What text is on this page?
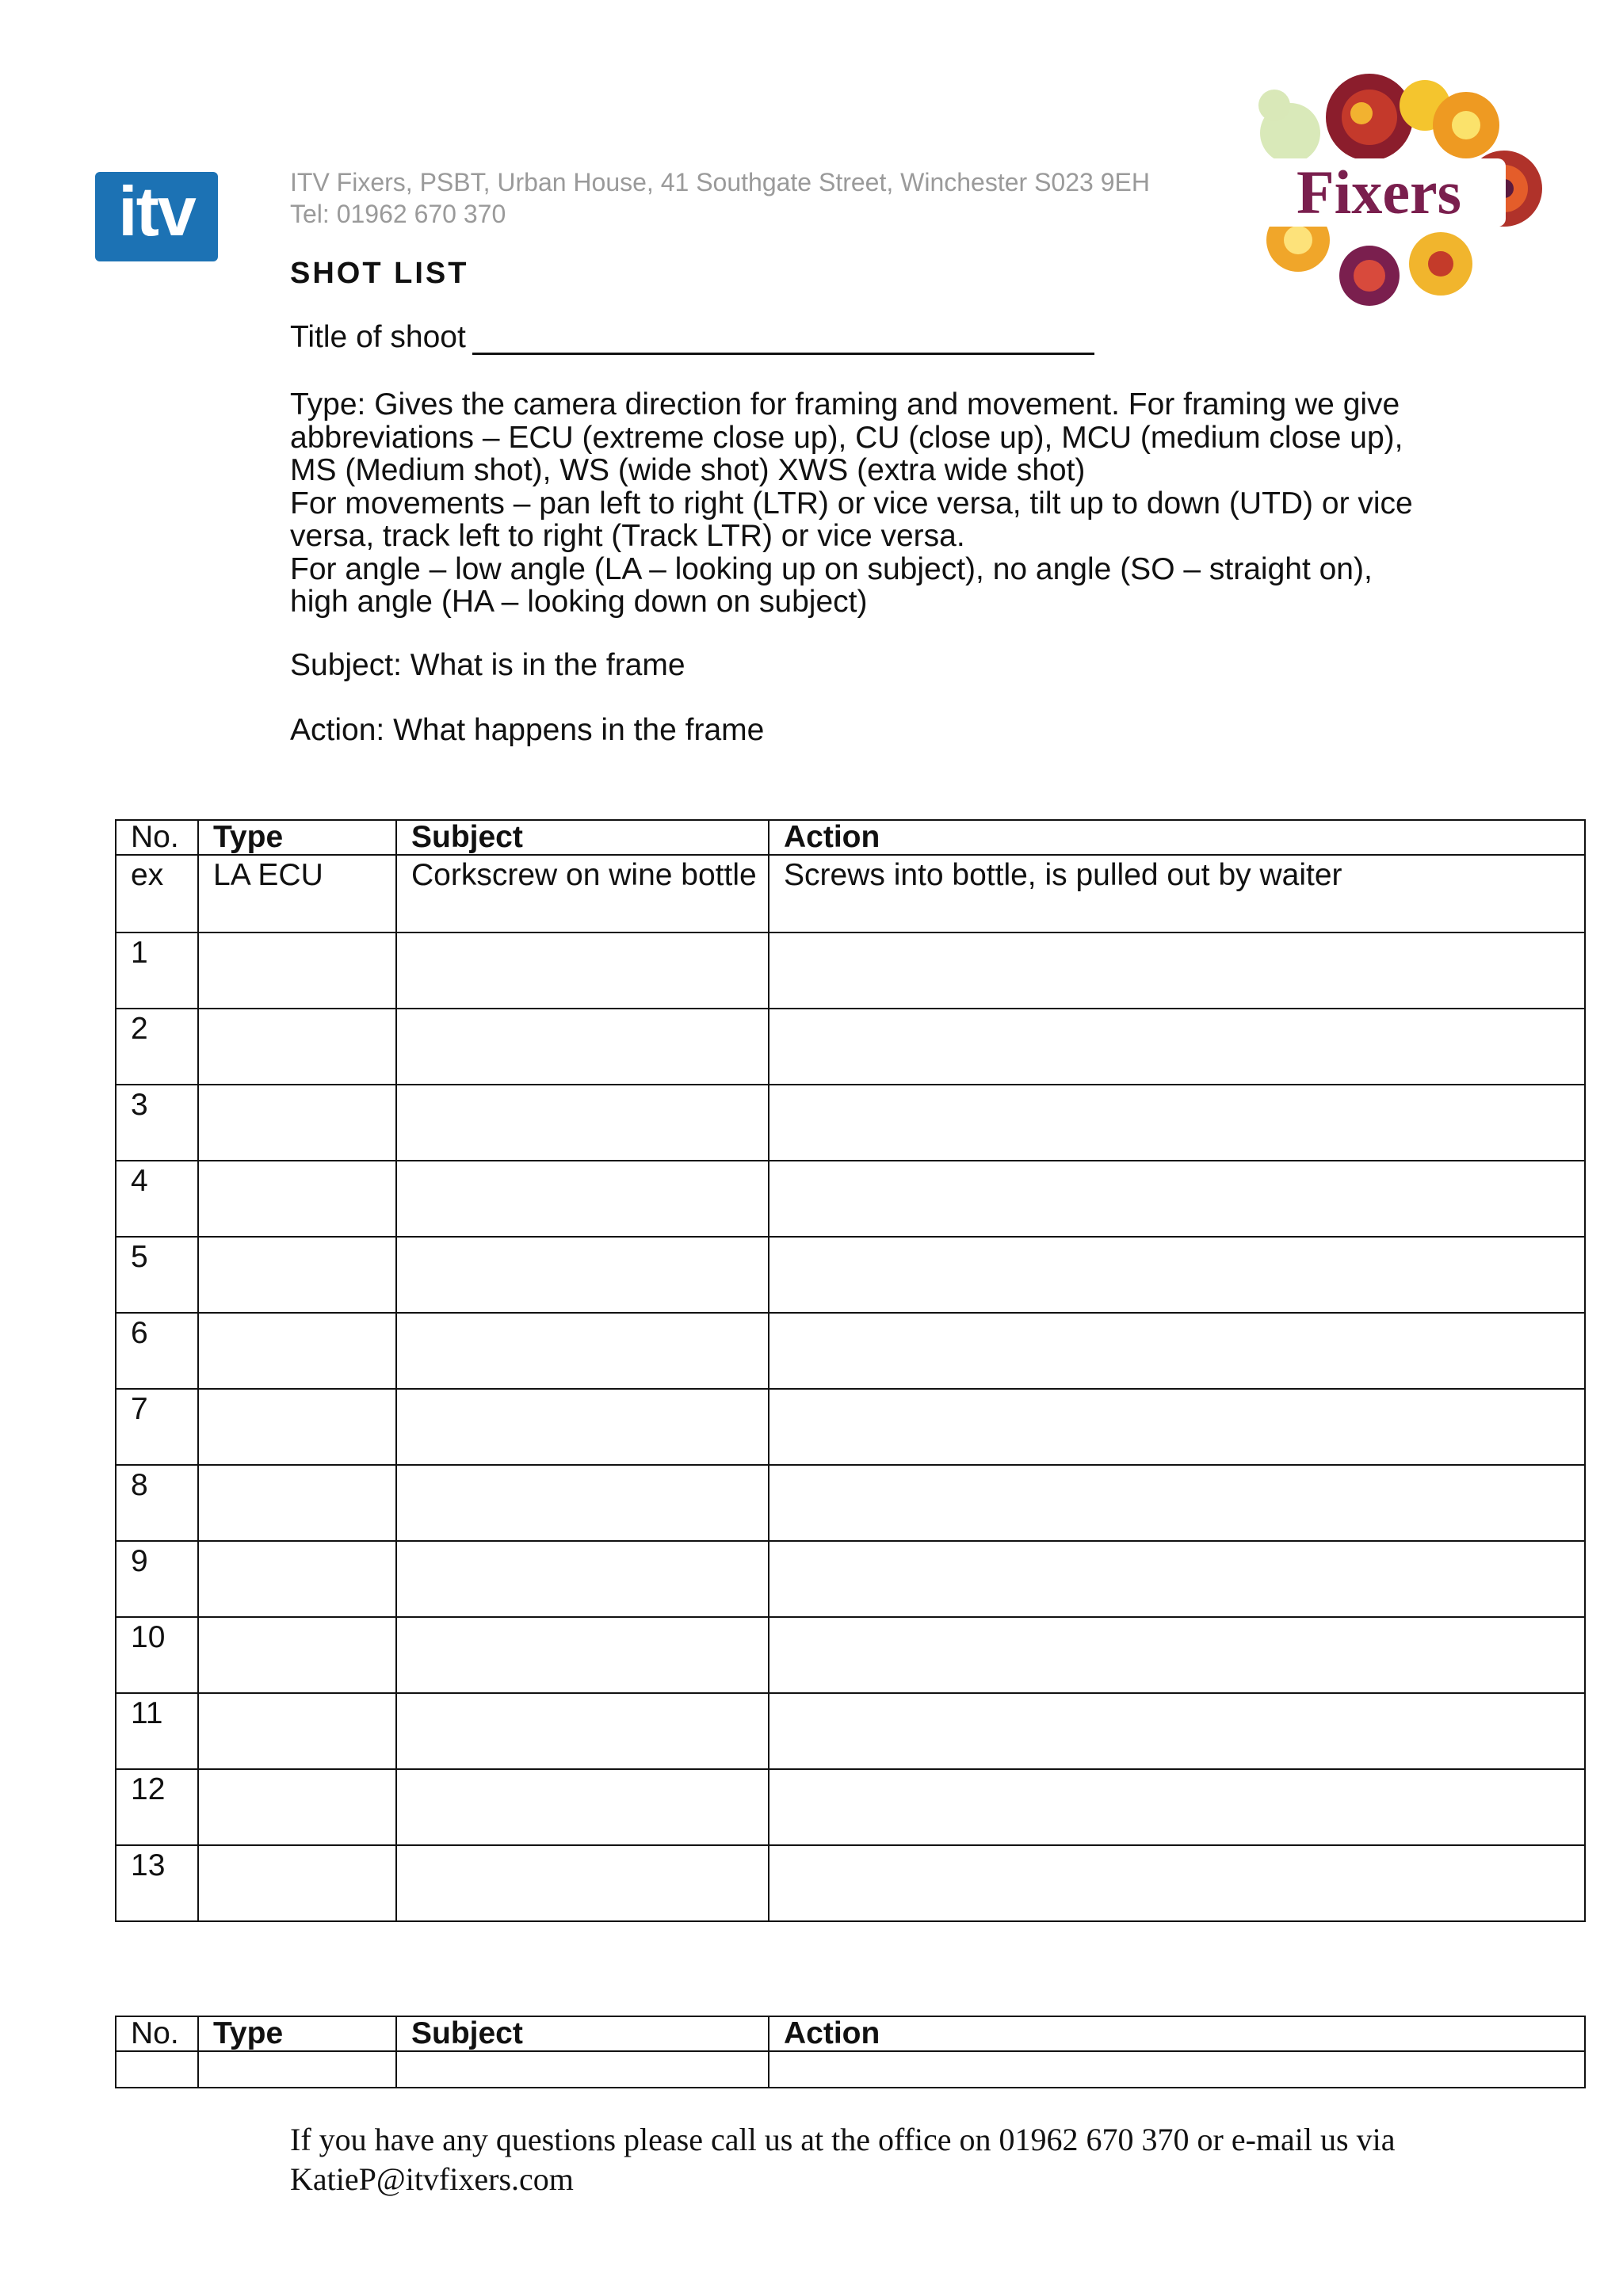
itv	Fixers
ITV Fixers, PSBT, Urban House, 41 Southgate Street, Winchester S023 9EH
Tel: 01962 670 370
SHOT LIST
Title of shoot

Type: Gives the camera direction for framing and movement. For framing we give abbreviations – ECU (extreme close up), CU (close up), MCU (medium close up), MS (Medium shot), WS (wide shot) XWS (extra wide shot)

For movements – pan left to right (LTR) or vice versa, tilt up to down (UTD) or vice versa, track left to right (Track LTR) or vice versa.

For angle – low angle (LA – looking up on subject), no angle (SO – straight on), high angle (HA – looking down on subject)

Subject: What is in the frame
Action: What happens in the frame
No.	Type	Subject	Action
ex	LA ECU	Corkscrew on wine bottle	Screws into bottle, is pulled out by waiter
1			
2			
3			
4			
5			
6			
7			
8			
9			
10			
11			
12			
13			
No.	Type	Subject	Action

If you have any questions please call us at the office on 01962 670 370 or e-mail us via KatieP@itvfixers.com
